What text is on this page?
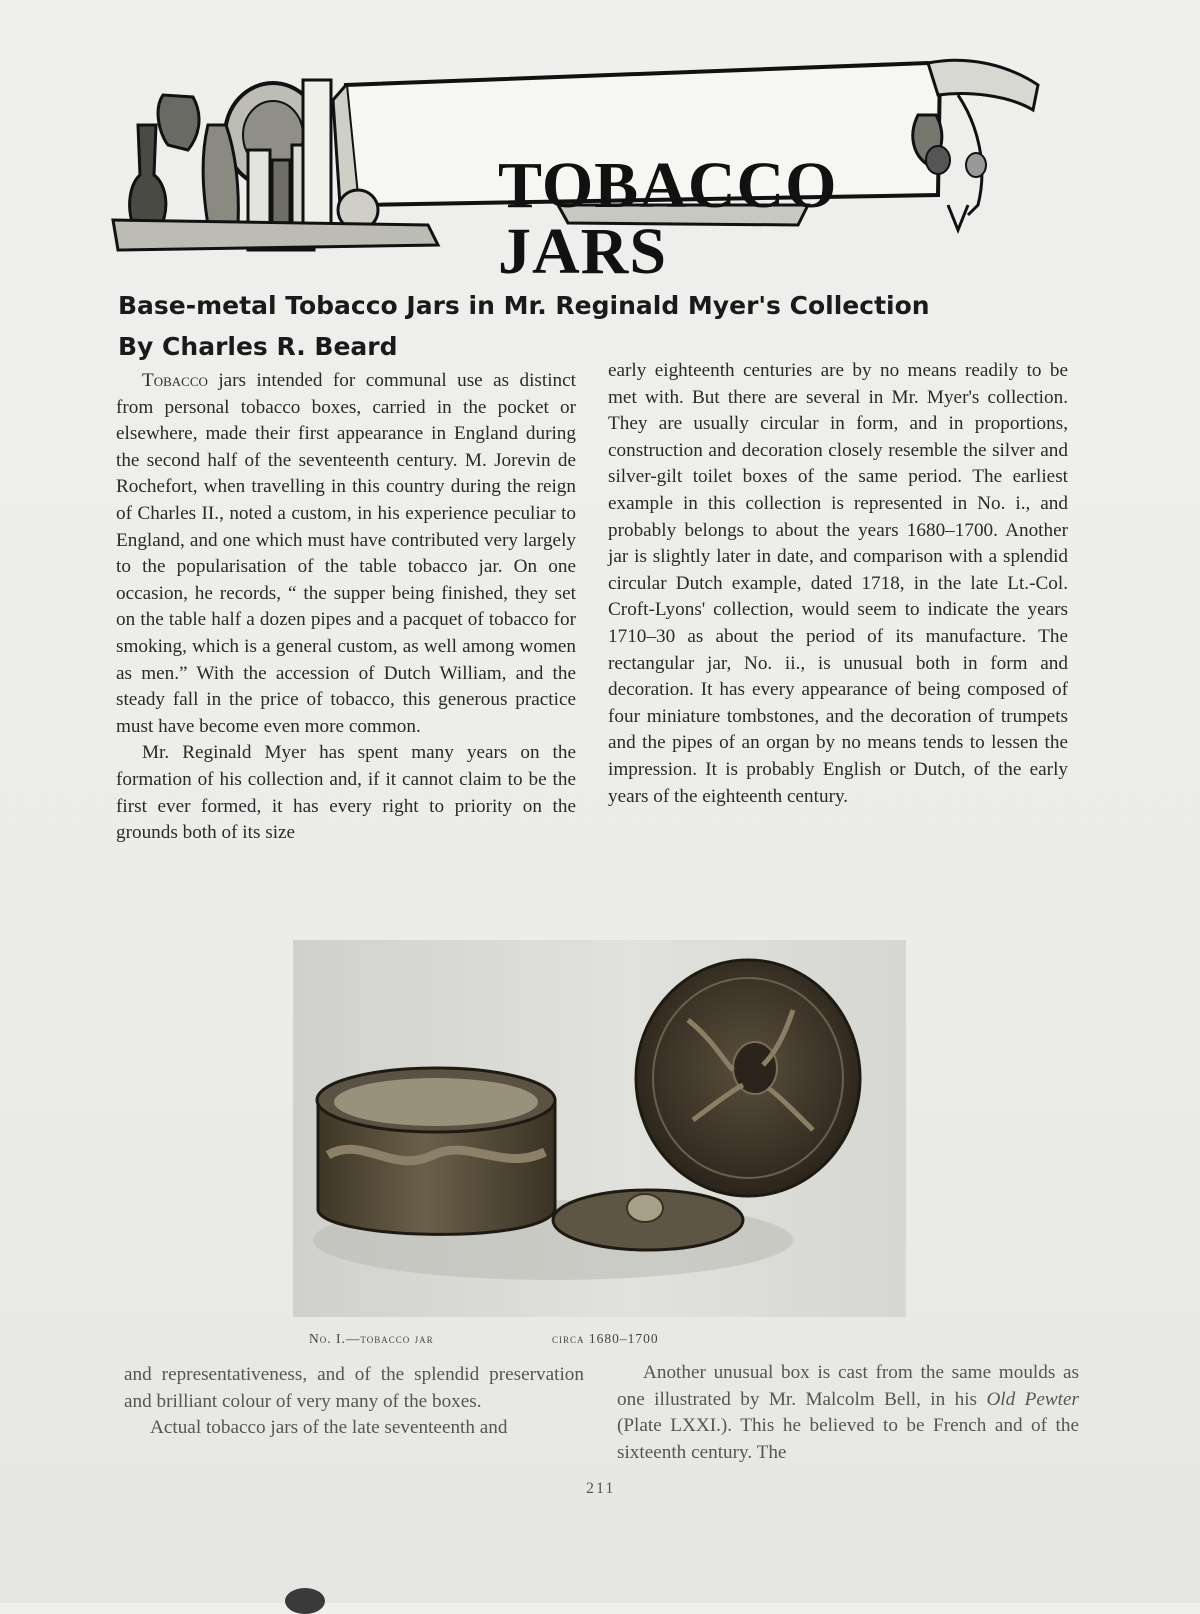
TOBACCO JARS
Base-metal Tobacco Jars in Mr. Reginald Myer's Collection
By Charles R. Beard

Tobacco jars intended for communal use as distinct from personal tobacco boxes, carried in the pocket or elsewhere, made their first appearance in England during the second half of the seventeenth century. M. Jorevin de Rochefort, when travelling in this country during the reign of Charles II., noted a custom, in his experience peculiar to England, and one which must have contributed very largely to the popularisation of the table tobacco jar. On one occasion, he records, “ the supper being finished, they set on the table half a dozen pipes and a pacquet of tobacco for smoking, which is a general custom, as well among women as men.” With the accession of Dutch William, and the steady fall in the price of tobacco, this generous practice must have become even more common.

Mr. Reginald Myer has spent many years on the formation of his collection and, if it cannot claim to be the first ever formed, it has every right to priority on the grounds both of its size

early eighteenth centuries are by no means readily to be met with. But there are several in Mr. Myer's collection. They are usually circular in form, and in proportions, construction and decoration closely resemble the silver and silver-gilt toilet boxes of the same period. The earliest example in this collection is represented in No. i., and probably belongs to about the years 1680–1700. Another jar is slightly later in date, and comparison with a splendid circular Dutch example, dated 1718, in the late Lt.-Col. Croft-Lyons' collection, would seem to indicate the years 1710–30 as about the period of its manufacture. The rectangular jar, No. ii., is unusual both in form and decoration. It has every appearance of being composed of four miniature tombstones, and the decoration of trumpets and the pipes of an organ by no means tends to lessen the impression. It is probably English or Dutch, of the early years of the eighteenth century.

No. I.—tobacco jar	circa 1680–1700

and representativeness, and of the splendid preservation and brilliant colour of very many of the boxes.

Actual tobacco jars of the late seventeenth and

Another unusual box is cast from the same moulds as one illustrated by Mr. Malcolm Bell, in his Old Pewter (Plate LXXI.). This he believed to be French and of the sixteenth century. The

211
